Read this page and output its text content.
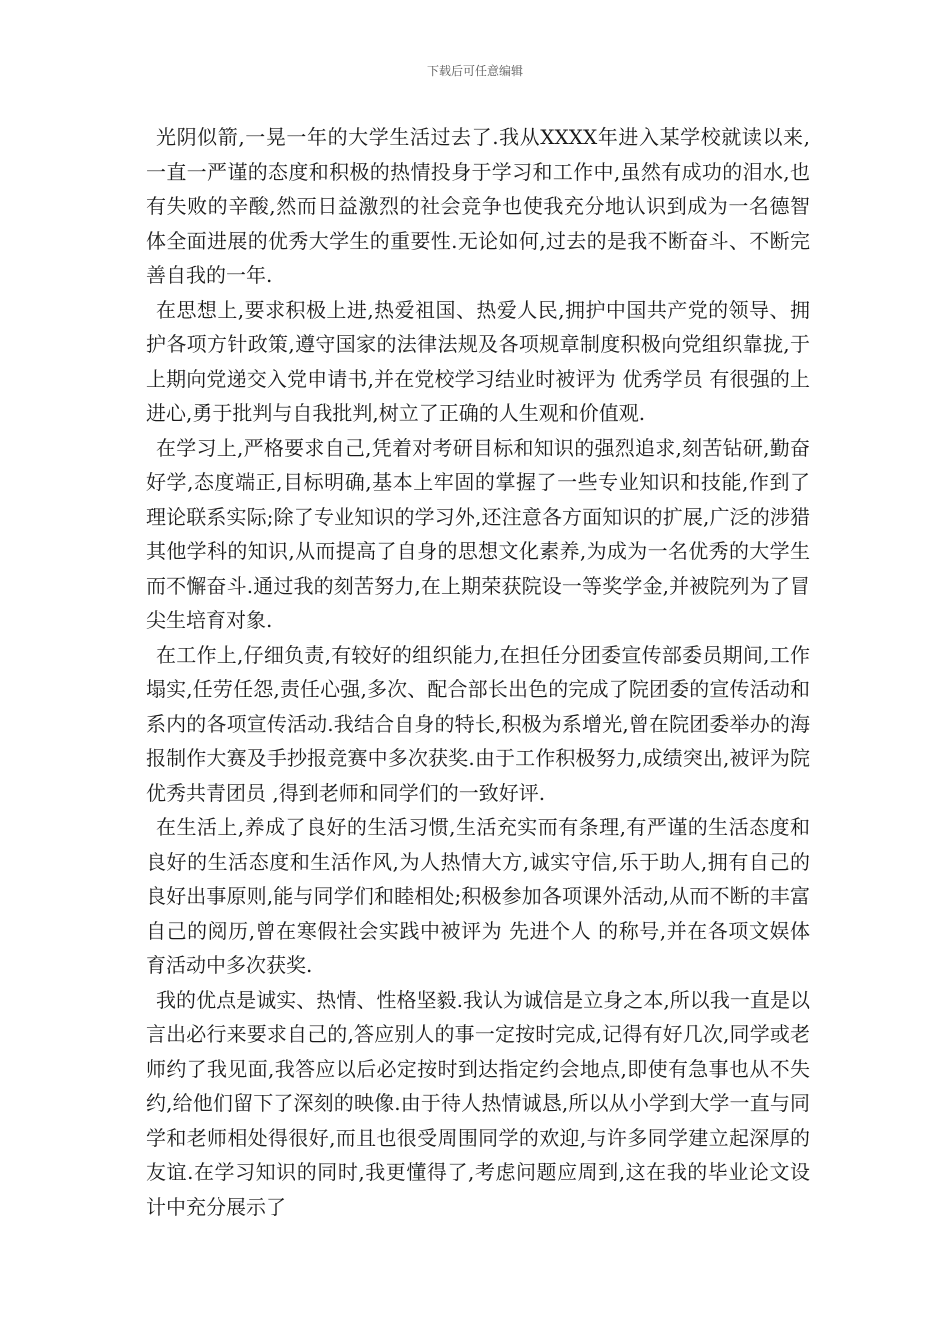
下载后可任意编辑

光阴似箭,一晃一年的大学生活过去了.我从XXXX年进入某学校就读以来,一直一严谨的态度和积极的热情投身于学习和工作中,虽然有成功的泪水,也有失败的辛酸,然而日益激烈的社会竞争也使我充分地认识到成为一名德智体全面进展的优秀大学生的重要性.无论如何,过去的是我不断奋斗、不断完善自我的一年.

在思想上,要求积极上进,热爱祖国、热爱人民,拥护中国共产党的领导、拥护各项方针政策,遵守国家的法律法规及各项规章制度积极向党组织靠拢,于上期向党递交入党申请书,并在党校学习结业时被评为 优秀学员 有很强的上进心,勇于批判与自我批判,树立了正确的人生观和价值观.

在学习上,严格要求自己,凭着对考研目标和知识的强烈追求,刻苦钻研,勤奋好学,态度端正,目标明确,基本上牢固的掌握了一些专业知识和技能,作到了理论联系实际;除了专业知识的学习外,还注意各方面知识的扩展,广泛的涉猎其他学科的知识,从而提高了自身的思想文化素养,为成为一名优秀的大学生而不懈奋斗.通过我的刻苦努力,在上期荣获院设一等奖学金,并被院列为了冒尖生培育对象.

在工作上,仔细负责,有较好的组织能力,在担任分团委宣传部委员期间,工作塌实,任劳任怨,责任心强,多次、配合部长出色的完成了院团委的宣传活动和系内的各项宣传活动.我结合自身的特长,积极为系增光,曾在院团委举办的海报制作大赛及手抄报竞赛中多次获奖.由于工作积极努力,成绩突出,被评为院 优秀共青团员 ,得到老师和同学们的一致好评.

在生活上,养成了良好的生活习惯,生活充实而有条理,有严谨的生活态度和良好的生活态度和生活作风,为人热情大方,诚实守信,乐于助人,拥有自己的良好出事原则,能与同学们和睦相处;积极参加各项课外活动,从而不断的丰富自己的阅历,曾在寒假社会实践中被评为 先进个人 的称号,并在各项文娱体育活动中多次获奖.

我的优点是诚实、热情、性格坚毅.我认为诚信是立身之本,所以我一直是以言出必行来要求自己的,答应别人的事一定按时完成,记得有好几次,同学或老师约了我见面,我答应以后必定按时到达指定约会地点,即使有急事也从不失约,给他们留下了深刻的映像.由于待人热情诚恳,所以从小学到大学一直与同学和老师相处得很好,而且也很受周围同学的欢迎,与许多同学建立起深厚的友谊.在学习知识的同时,我更懂得了,考虑问题应周到,这在我的毕业论文设计中充分展示了
